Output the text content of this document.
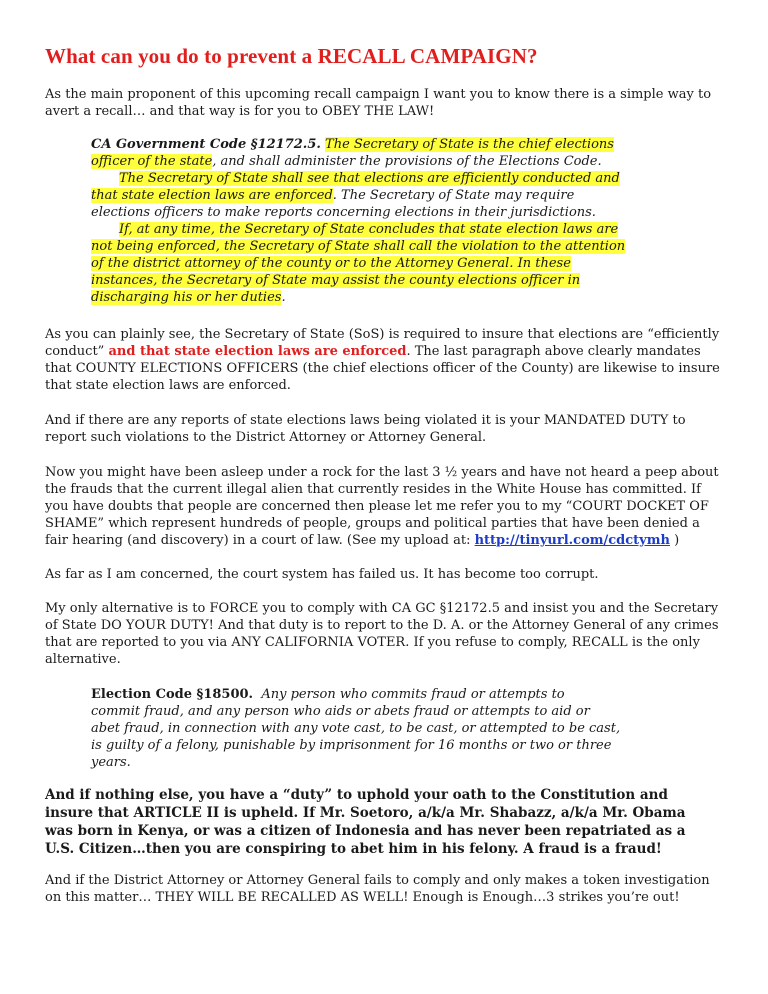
What can you do to prevent a RECALL CAMPAIGN?

As the main proponent of this upcoming recall campaign I want you to know there is a simple way to
avert a recall… and that way is for you to OBEY THE LAW!

CA Government Code §12172.5. The Secretary of State is the chief elections
officer of the state, and shall administer the provisions of the Elections Code.
The Secretary of State shall see that elections are efficiently conducted and
that state election laws are enforced. The Secretary of State may require
elections officers to make reports concerning elections in their jurisdictions.
If, at any time, the Secretary of State concludes that state election laws are
not being enforced, the Secretary of State shall call the violation to the attention
of the district attorney of the county or to the Attorney General. In these
instances, the Secretary of State may assist the county elections officer in
discharging his or her duties.

As you can plainly see, the Secretary of State (SoS) is required to insure that elections are “efficiently
conduct” and that state election laws are enforced. The last paragraph above clearly mandates
that COUNTY ELECTIONS OFFICERS (the chief elections officer of the County) are likewise to insure
that state election laws are enforced.

And if there are any reports of state elections laws being violated it is your MANDATED DUTY to
report such violations to the District Attorney or Attorney General.

Now you might have been asleep under a rock for the last 3 ½ years and have not heard a peep about
the frauds that the current illegal alien that currently resides in the White House has committed. If
you have doubts that people are concerned then please let me refer you to my “COURT DOCKET OF
SHAME” which represent hundreds of people, groups and political parties that have been denied a
fair hearing (and discovery) in a court of law. (See my upload at: http://tinyurl.com/cdctymh )

As far as I am concerned, the court system has failed us. It has become too corrupt.

My only alternative is to FORCE you to comply with CA GC §12172.5 and insist you and the Secretary
of State DO YOUR DUTY! And that duty is to report to the D. A. or the Attorney General of any crimes
that are reported to you via ANY CALIFORNIA VOTER. If you refuse to comply, RECALL is the only
alternative.

Election Code §18500. Any person who commits fraud or attempts to
commit fraud, and any person who aids or abets fraud or attempts to aid or
abet fraud, in connection with any vote cast, to be cast, or attempted to be cast,
is guilty of a felony, punishable by imprisonment for 16 months or two or three
years.

And if nothing else, you have a “duty” to uphold your oath to the Constitution and
insure that ARTICLE II is upheld. If Mr. Soetoro, a/k/a Mr. Shabazz, a/k/a Mr. Obama
was born in Kenya, or was a citizen of Indonesia and has never been repatriated as a
U.S. Citizen…then you are conspiring to abet him in his felony. A fraud is a fraud!

And if the District Attorney or Attorney General fails to comply and only makes a token investigation
on this matter… THEY WILL BE RECALLED AS WELL! Enough is Enough…3 strikes you’re out!
